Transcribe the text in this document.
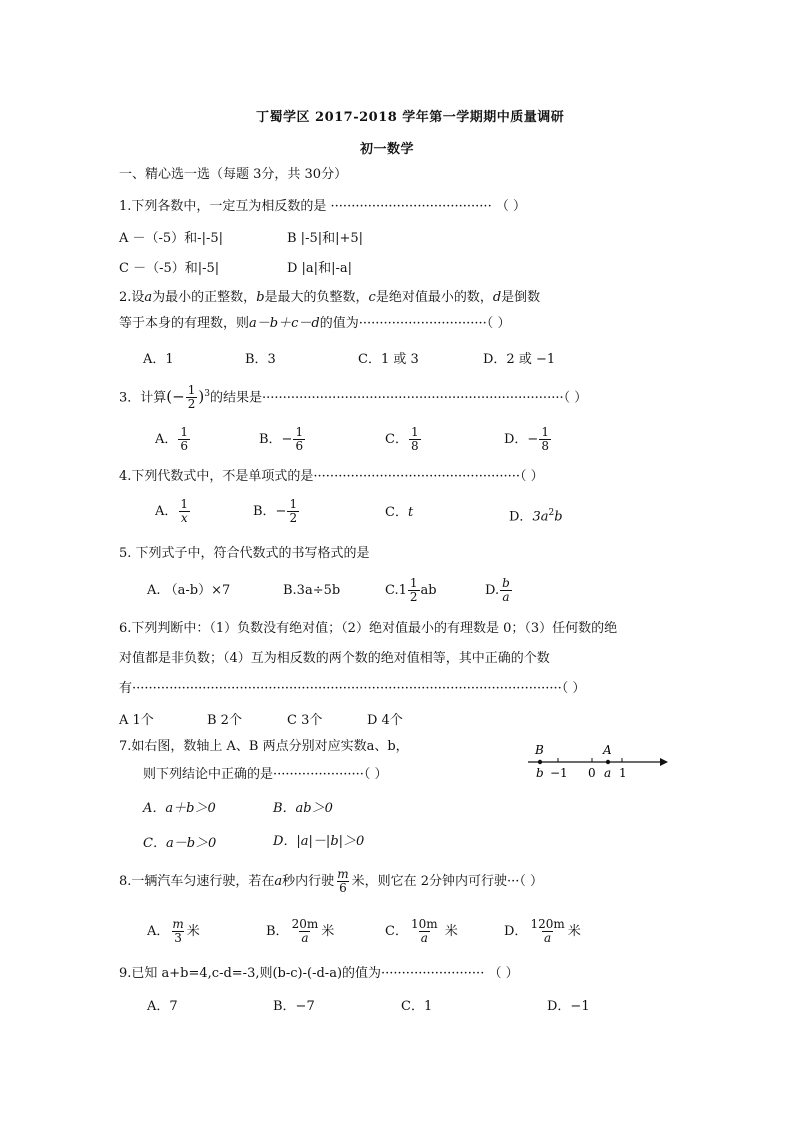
丁蜀学区 2017-2018 学年第一学期期中质量调研
初一数学
一、精心选一选（每题 3分，共 30分）
1.下列各数中，一定互为相反数的是 ······································· （ ）
A －（-5）和-|-5|	B |-5|和|+5|
C －（-5）和|-5|	D |a|和|-a|
2.设a为最小的正整数，b是最大的负整数，c是绝对值最小的数，d是倒数
等于本身的有理数，则a－b＋c－d的值为·······························（ ）
A．1	B．3	C．1 或 3	D．2 或 −1
3．计算(− $\frac{1}{2} )^3$的结果是·········································································（ ）
A． $\frac{1}{6}$	B．− $\frac{1}{6}$	C． $\frac{1}{8}$	D．− $\frac{1}{8}$
4.下列代数式中，不是单项式的是··················································（ ）
A． $\frac{1}{x}$	B．− $\frac{1}{2}$	C．t	D．$3a^2b$
5. 下列式子中，符合代数式的书写格式的是
A. （a-b）×7	B.3a÷5b	$C.1 \frac{1}{2}$ ab	D. $\frac{b}{a}$
6.下列判断中：（1）负数没有绝对值；（2）绝对值最小的有理数是 0；（3）任何数的绝
对值都是非负数；（4）互为相反数的两个数的绝对值相等，其中正确的个数
有········································································································（ ）
A 1个	B 2个	C 3个	D 4个
7.如右图，数轴上 A、B 两点分别对应实数a、b，
则下列结论中正确的是······················（ ）
A．a＋b＞0	B．ab＞0
C．a－b＞0	D．|a|－|b|＞0
B	A
b −1 0 a 1
8.一辆汽车匀速行驶，若在a秒内行驶 $\frac{m}{6}$ 米，则它在 2分钟内可行驶···（ ）
A． $\frac{m}{3}$ 米	B． $\frac{20m}{a}$ 米	C． $\frac{10m}{a}$ 米	D． $\frac{120m}{a}$ 米
9.已知 a+b=4,c-d=-3,则(b-c)-(-d-a)的值为························· （ ）
A．7	B．−7	C．1	D．−1
